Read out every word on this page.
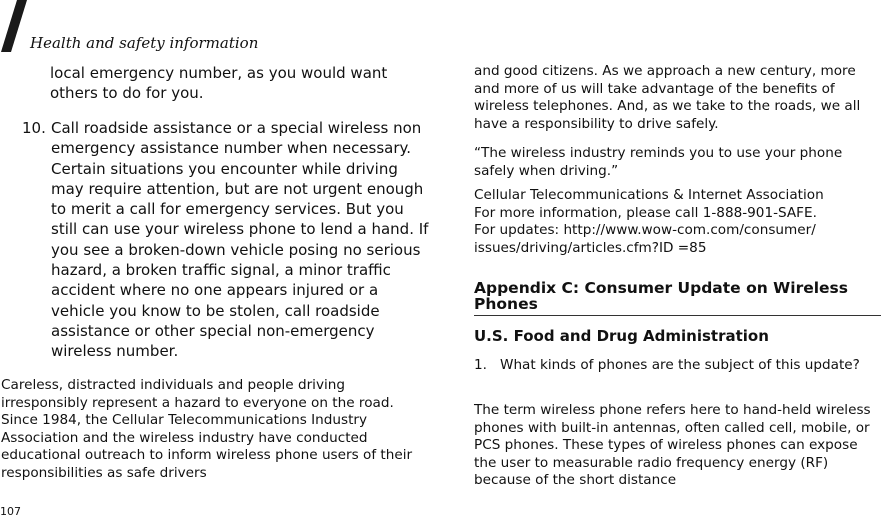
Health and safety information
local emergency number, as you would want others to do for you.
10. Call roadside assistance or a special wireless non emergency assistance number when necessary. Certain situations you encounter while driving may require attention, but are not urgent enough to merit a call for emergency services. But you still can use your wireless phone to lend a hand. If you see a broken-down vehicle posing no serious hazard, a broken traffic signal, a minor traffic accident where no one appears injured or a vehicle you know to be stolen, call roadside assistance or other special non-emergency wireless number.
Careless, distracted individuals and people driving irresponsibly represent a hazard to everyone on the road. Since 1984, the Cellular Telecommunications Industry Association and the wireless industry have conducted educational outreach to inform wireless phone users of their responsibilities as safe drivers
and good citizens. As we approach a new century, more and more of us will take advantage of the benefits of wireless telephones. And, as we take to the roads, we all have a responsibility to drive safely.
“The wireless industry reminds you to use your phone safely when driving.”
Cellular Telecommunications & Internet Association
For more information, please call 1-888-901-SAFE.
For updates: http://www.wow-com.com/consumer/
issues/driving/articles.cfm?ID =85
Appendix C: Consumer Update on Wireless Phones
U.S. Food and Drug Administration
1. What kinds of phones are the subject of this update?
The term wireless phone refers here to hand-held wireless phones with built-in antennas, often called cell, mobile, or PCS phones. These types of wireless phones can expose the user to measurable radio frequency energy (RF) because of the short distance
107
